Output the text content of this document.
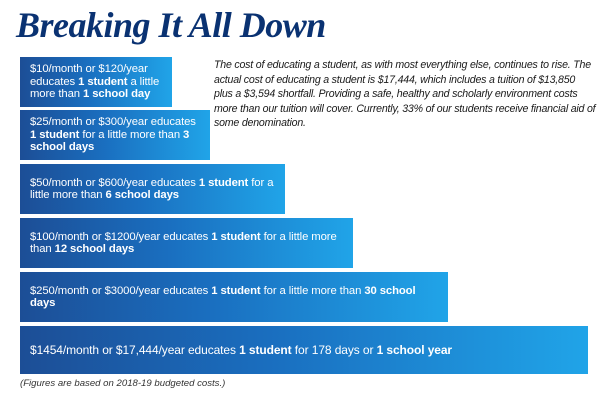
Breaking It All Down
The cost of educating a student, as with most everything else, continues to rise. The actual cost of educating a student is $17,444, which includes a tuition of $13,850 plus a $3,594 shortfall. Providing a safe, healthy and scholarly environment costs more than our tuition will cover. Currently, 33% of our students receive financial aid of some denomination.
$10/month or $120/year educates 1 student a little more than 1 school day
$25/month or $300/year educates 1 student for a little more than 3 school days
$50/month or $600/year educates 1 student for a little more than 6 school days
$100/month or $1200/year educates 1 student for a little more than 12 school days
$250/month or $3000/year educates 1 student for a little more than 30 school days
$1454/month or $17,444/year educates 1 student for 178 days or 1 school year
(Figures are based on 2018-19 budgeted costs.)
